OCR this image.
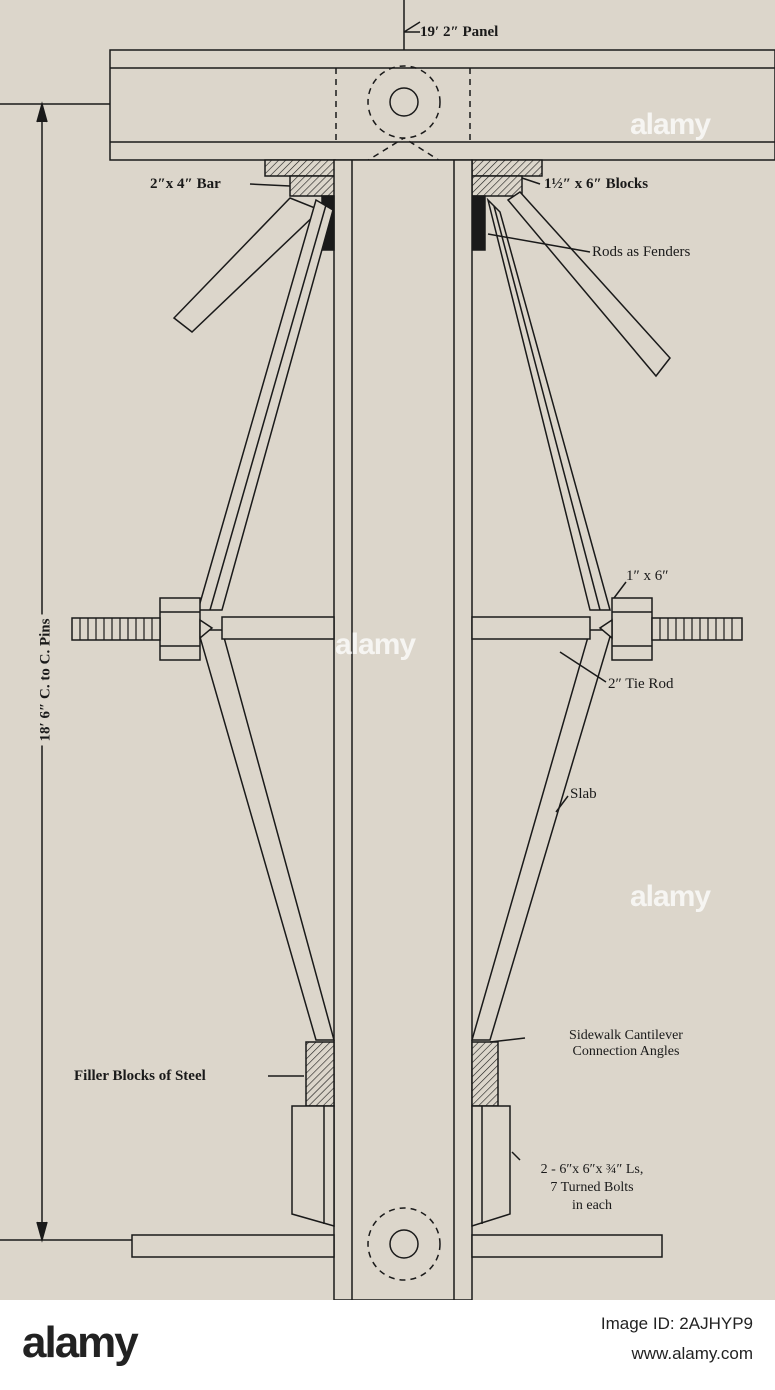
19′ 2″ Panel
2″x 4″ Bar	1½″ x 6″ Blocks
Rods as Fenders
1″ x 6″
2″ Tie Rod
Slab
Sidewalk Cantilever
Connection Angles
Filler Blocks of Steel
2 - 6″x 6″x ¾″ Ls,
7 Turned Bolts
in each
18′ 6″ C. to C. Pins
alamy
alamy
alamy
alamy	Image ID: 2AJHYP9
www.alamy.com
